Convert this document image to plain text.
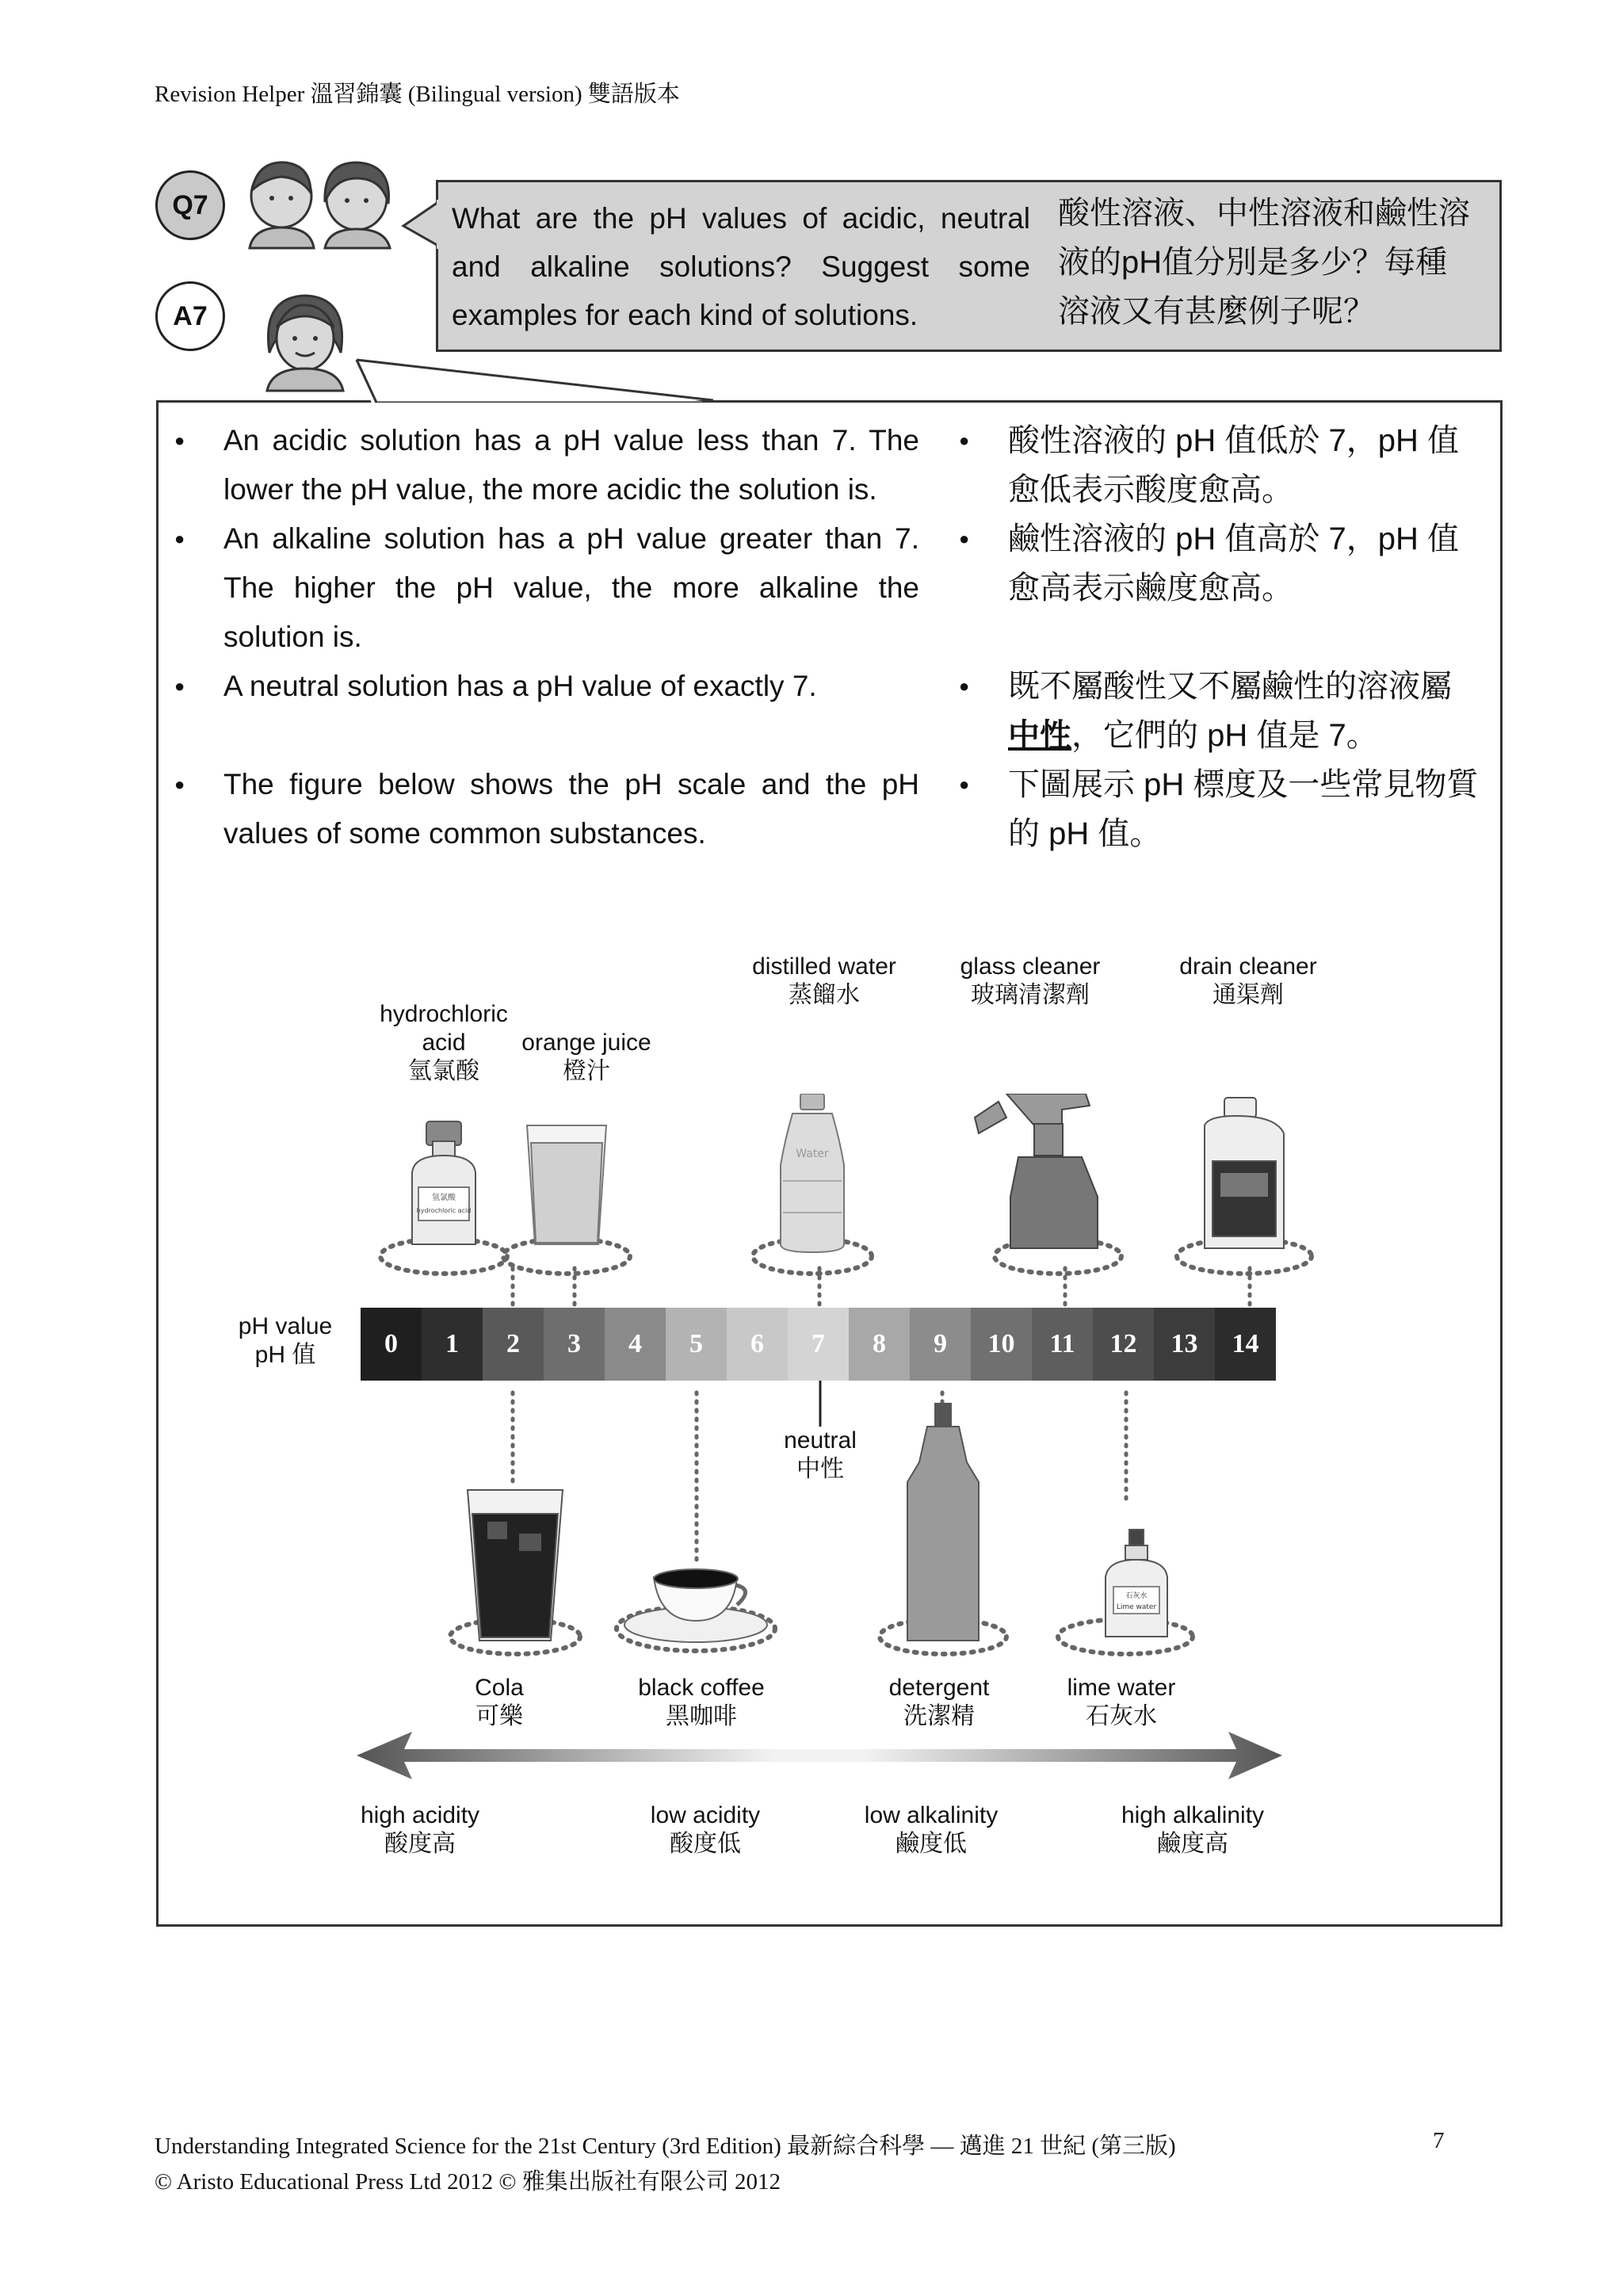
Revision Helper 溫習錦囊 (Bilingual version) 雙語版本
Q7
A7
What are the pH values of acidic, neutral and alkaline solutions? Suggest some examples for each kind of solutions.
酸性溶液、中性溶液和鹼性溶液的pH值分別是多少？每種溶液又有甚麼例子呢？
● An acidic solution has a pH value less than 7. The lower the pH value, the more acidic the solution is.
● An alkaline solution has a pH value greater than 7. The higher the pH value, the more alkaline the solution is.
● A neutral solution has a pH value of exactly 7.
● The figure below shows the pH scale and the pH values of some common substances.
● 酸性溶液的 pH 值低於 7，pH 值愈低表示酸度愈高。
● 鹼性溶液的 pH 值高於 7，pH 值愈高表示鹼度愈高。
● 既不屬酸性又不屬鹼性的溶液屬中性，它們的 pH 值是 7。
● 下圖展示 pH 標度及一些常見物質的 pH 值。
hydrochloric
acid
氫氯酸
orange juice
橙汁
distilled water
蒸餾水
glass cleaner
玻璃清潔劑
drain cleaner
通渠劑
氫氯酸
hydrochloric acid
Water
pH value
pH 值	0	1	2	3	4	5	6	7	8	9	10	11	12	13	14
neutral
中性
石灰水
Lime water
Cola
可樂
black coffee
黑咖啡
detergent
洗潔精
lime water
石灰水
high acidity
酸度高
low acidity
酸度低
low alkalinity
鹼度低
high alkalinity
鹼度高
Understanding Integrated Science for the 21st Century (3rd Edition) 最新綜合科學 — 邁進 21 世紀 (第三版)
© Aristo Educational Press Ltd 2012 © 雅集出版社有限公司 2012
7
